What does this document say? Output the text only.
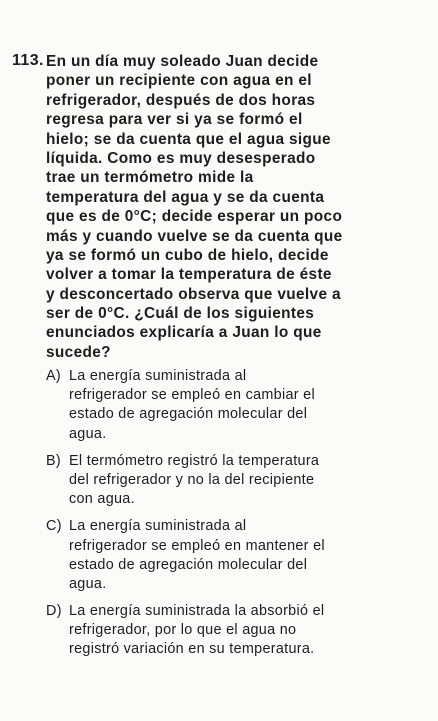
113. En un día muy soleado Juan decide
poner un recipiente con agua en el
refrigerador, después de dos horas
regresa para ver si ya se formó el
hielo; se da cuenta que el agua sigue
líquida. Como es muy desesperado
trae un termómetro mide la
temperatura del agua y se da cuenta
que es de 0°C; decide esperar un poco
más y cuando vuelve se da cuenta que
ya se formó un cubo de hielo, decide
volver a tomar la temperatura de éste
y desconcertado observa que vuelve a
ser de 0°C. ¿Cuál de los siguientes
enunciados explicaría a Juan lo que
sucede?
A) La energía suministrada al
refrigerador se empleó en cambiar el
estado de agregación molecular del
agua.
B) El termómetro registró la temperatura
del refrigerador y no la del recipiente
con agua.
C) La energía suministrada al
refrigerador se empleó en mantener el
estado de agregación molecular del
agua.
D) La energía suministrada la absorbió el
refrigerador, por lo que el agua no
registró variación en su temperatura.
